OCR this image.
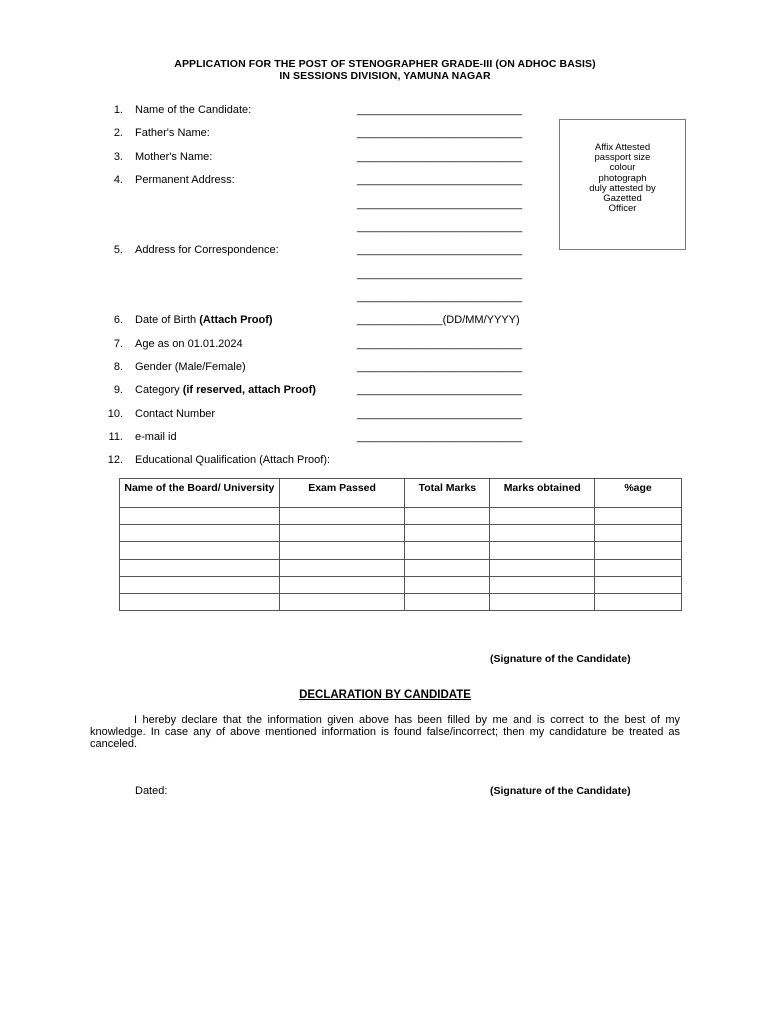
APPLICATION FOR THE POST OF STENOGRAPHER GRADE-III (ON ADHOC BASIS)
IN SESSIONS DIVISION, YAMUNA NAGAR
1. Name of the Candidate:	___________________________
2. Father's Name:	___________________________
3. Mother's Name:	___________________________
4. Permanent Address:	___________________________
___________________________
___________________________
Affix Attested passport size colour photograph duly attested by Gazetted Officer
5. Address for Correspondence:	___________________________
___________________________
___________________________
6. Date of Birth (Attach Proof)	______________(DD/MM/YYYY)
7. Age as on 01.01.2024	___________________________
8. Gender (Male/Female)	___________________________
9. Category (if reserved, attach Proof)	___________________________
10. Contact Number	___________________________
11. e-mail id	___________________________
12. Educational Qualification (Attach Proof):
Name of the Board/ University	Exam Passed	Total Marks	Marks obtained	%age

(Signature of the Candidate)
DECLARATION BY CANDIDATE
I hereby declare that the information given above has been filled by me and is correct to the best of my knowledge. In case any of above mentioned information is found false/incorrect; then my candidature be treated as canceled.
Dated:	(Signature of the Candidate)
